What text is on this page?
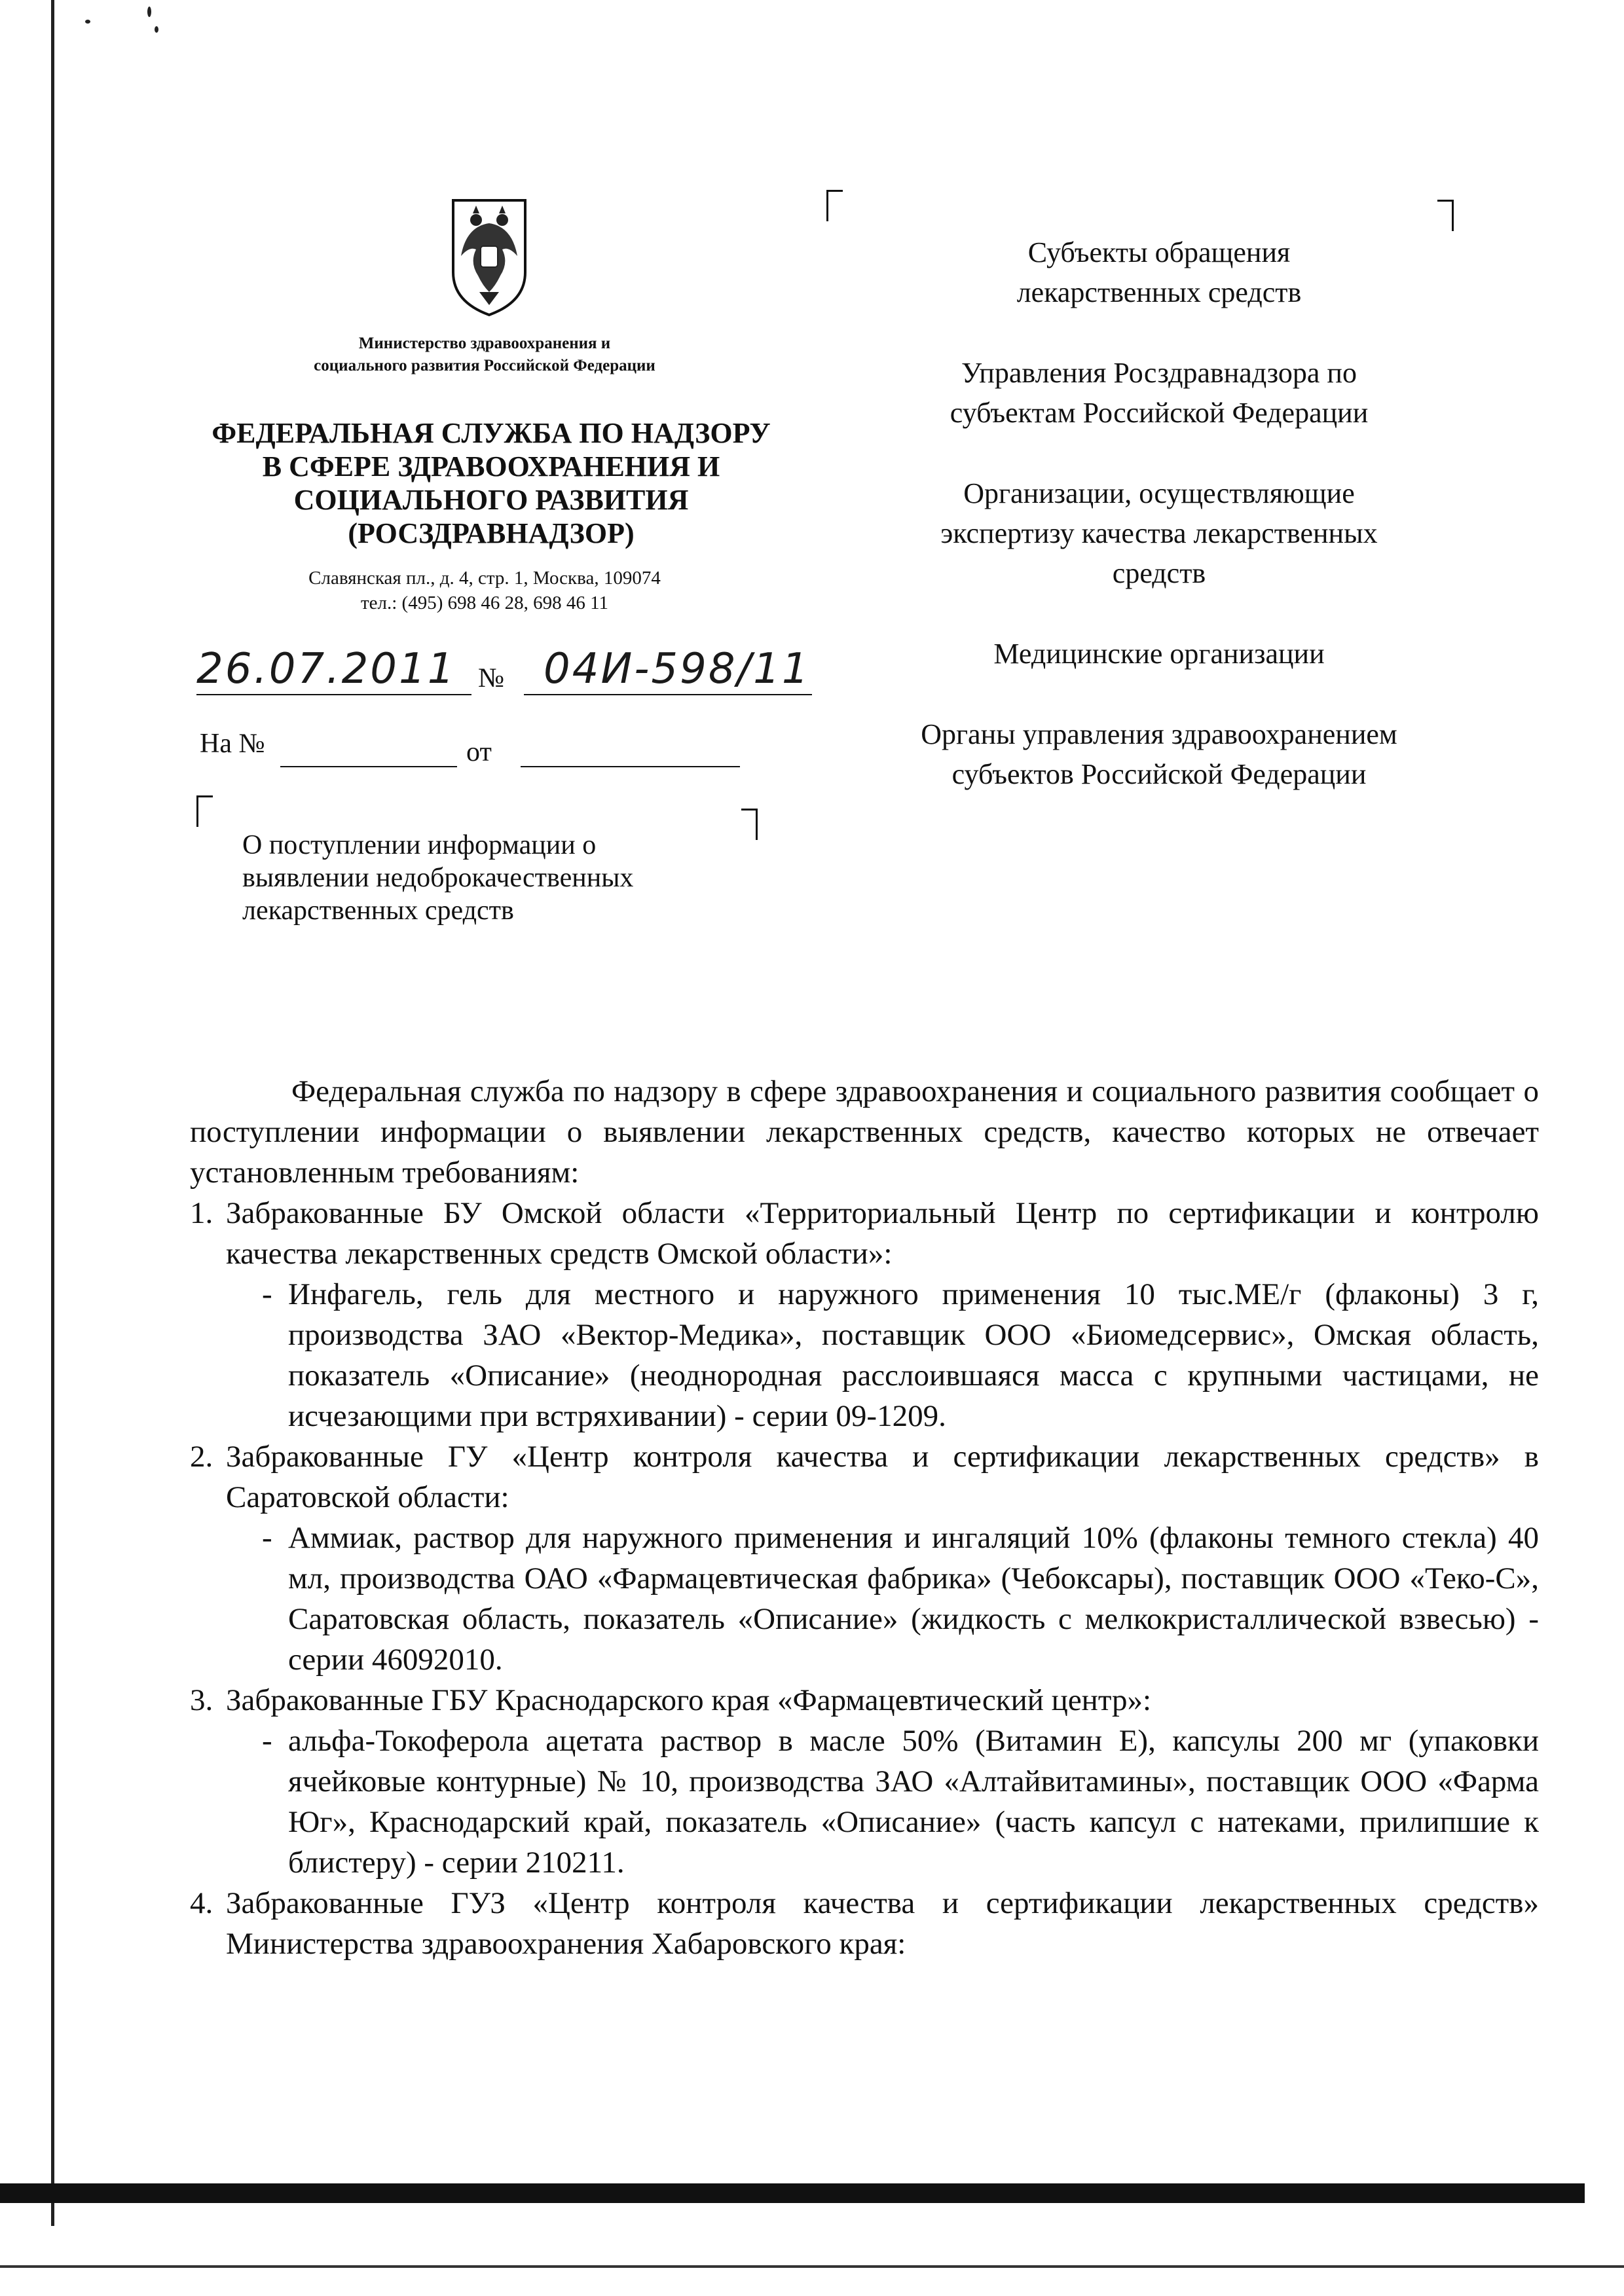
Министерство здравоохранения и
социального развития Российской Федерации
ФЕДЕРАЛЬНАЯ СЛУЖБА ПО НАДЗОРУ
В СФЕРЕ ЗДРАВООХРАНЕНИЯ И
СОЦИАЛЬНОГО РАЗВИТИЯ
(РОСЗДРАВНАДЗОР)
Славянская пл., д. 4, стр. 1, Москва, 109074
тел.: (495) 698 46 28, 698 46 11
26.07.2011 № 04И-598/11
На №	от
О поступлении информации о
выявлении недоброкачественных
лекарственных средств

Субъекты обращения
лекарственных средств

Управления Росздравнадзора по
субъектам Российской Федерации

Организации, осуществляющие
экспертизу качества лекарственных
средств

Медицинские организации

Органы управления здравоохранением
субъектов Российской Федерации

Федеральная служба по надзору в сфере здравоохранения и социального развития сообщает о поступлении информации о выявлении лекарственных средств, качество которых не отвечает установленным требованиям:

1. Забракованные БУ Омской области «Территориальный Центр по сертификации и контролю качества лекарственных средств Омской области»:
- Инфагель, гель для местного и наружного применения 10 тыс.МЕ/г (флаконы) 3 г, производства ЗАО «Вектор-Медика», поставщик ООО «Биомедсервис», Омская область, показатель «Описание» (неоднородная расслоившаяся масса с крупными частицами, не исчезающими при встряхивании) - серии 09-1209.
2. Забракованные ГУ «Центр контроля качества и сертификации лекарственных средств» в Саратовской области:
- Аммиак, раствор для наружного применения и ингаляций 10% (флаконы темного стекла) 40 мл, производства ОАО «Фармацевтическая фабрика» (Чебоксары), поставщик ООО «Теко-С», Саратовская область, показатель «Описание» (жидкость с мелкокристаллической взвесью) - серии 46092010.
3. Забракованные ГБУ Краснодарского края «Фармацевтический центр»:
- альфа-Токоферола ацетата раствор в масле 50% (Витамин Е), капсулы 200 мг (упаковки ячейковые контурные) № 10, производства ЗАО «Алтайвитамины», поставщик ООО «Фарма Юг», Краснодарский край, показатель «Описание» (часть капсул с натеками, прилипшие к блистеру) - серии 210211.
4. Забракованные ГУЗ «Центр контроля качества и сертификации лекарственных средств» Министерства здравоохранения Хабаровского края:
